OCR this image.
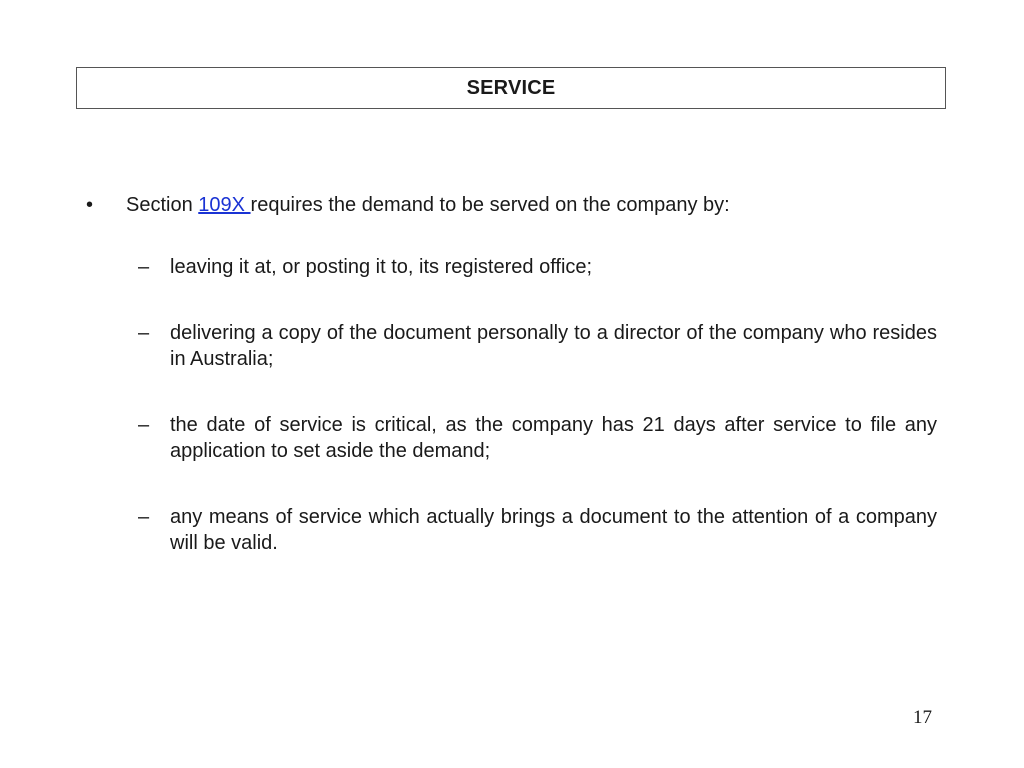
SERVICE
•	Section 109X requires the demand to be served on the company by:
–	leaving it at, or posting it to, its registered office;
–	delivering a copy of the document personally to a director of the company who resides in Australia;
–	the date of service is critical, as the company has 21 days after service to file any application to set aside the demand;
–	any means of service which actually brings a document to the attention of a company will be valid.
17
